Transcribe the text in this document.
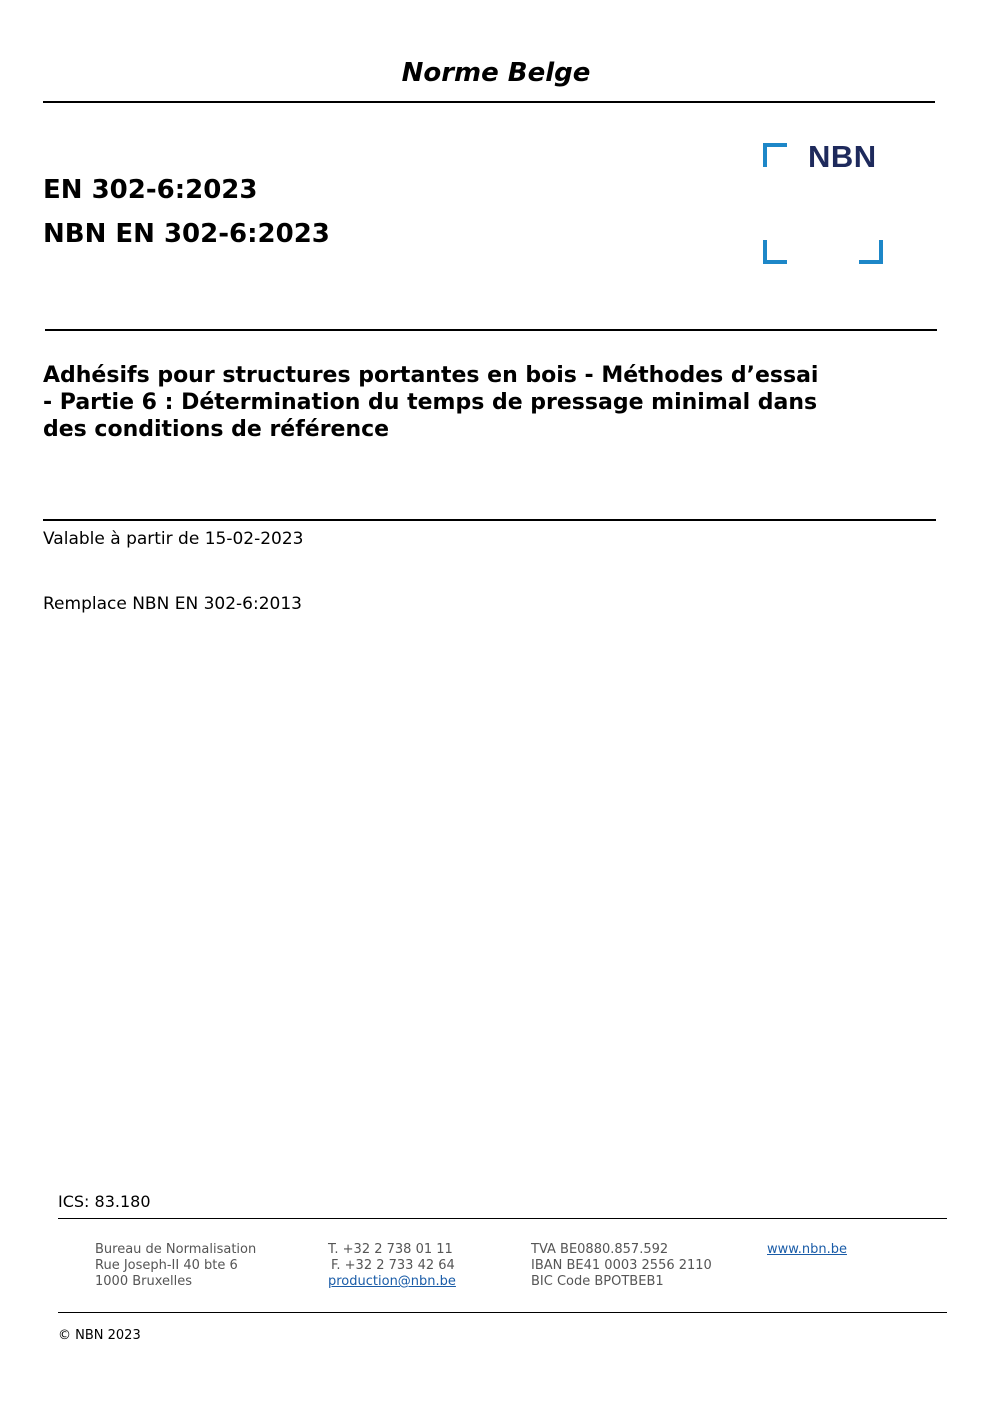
Norme Belge
EN 302-6:2023
NBN EN 302-6:2023
NBN
Adhésifs pour structures portantes en bois - Méthodes d’essai
- Partie 6 : Détermination du temps de pressage minimal dans
des conditions de référence
Valable à partir de 15-02-2023
Remplace NBN EN 302-6:2013
ICS: 83.180
Bureau de Normalisation
Rue Joseph-II 40 bte 6
1000 Bruxelles
T. +32 2 738 01 11
F. +32 2 733 42 64
production@nbn.be
TVA BE0880.857.592
IBAN BE41 0003 2556 2110
BIC Code BPOTBEB1
www.nbn.be
© NBN 2023
